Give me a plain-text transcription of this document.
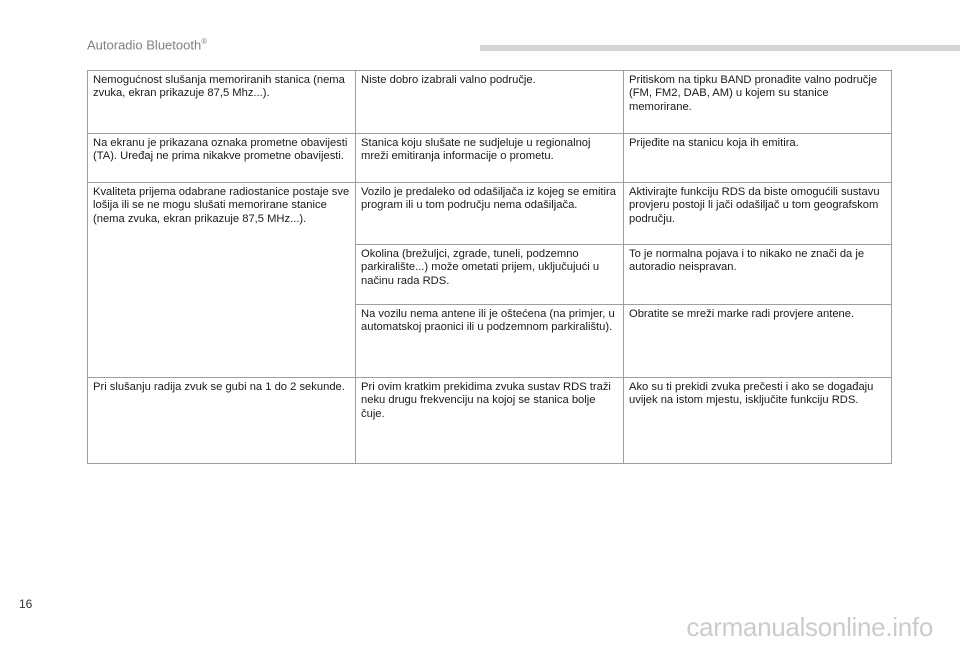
Autoradio Bluetooth®
Nemogućnost slušanja memoriranih stanica (nema zvuka, ekran prikazuje 87,5 Mhz...).	Niste dobro izabrali valno područje.	Pritiskom na tipku BAND pronađite valno područje (FM, FM2, DAB, AM) u kojem su stanice memorirane.
Na ekranu je prikazana oznaka prometne obavijesti (TA). Uređaj ne prima nikakve prometne obavijesti.	Stanica koju slušate ne sudjeluje u regionalnoj mreži emitiranja informacije o prometu.	Prijeđite na stanicu koja ih emitira.
Kvaliteta prijema odabrane radiostanice postaje sve lošija ili se ne mogu slušati memorirane stanice (nema zvuka, ekran prikazuje 87,5 MHz...).	Vozilo je predaleko od odašiljača iz kojeg se emitira program ili u tom području nema odašiljača.	Aktivirajte funkciju RDS da biste omogućili sustavu provjeru postoji li jači odašiljač u tom geografskom području.
	Okolina (brežuljci, zgrade, tuneli, podzemno parkiralište...) može ometati prijem, uključujući u načinu rada RDS.	To je normalna pojava i to nikako ne znači da je autoradio neispravan.
	Na vozilu nema antene ili je oštećena (na primjer, u automatskoj praonici ili u podzemnom parkiralištu).	Obratite se mreži marke radi provjere antene.
Pri slušanju radija zvuk se gubi na 1 do 2 sekunde.	Pri ovim kratkim prekidima zvuka sustav RDS traži neku drugu frekvenciju na kojoj se stanica bolje čuje.	Ako su ti prekidi zvuka prečesti i ako se događaju uvijek na istom mjestu, isključite funkciju RDS.
16
carmanualsonline.info
